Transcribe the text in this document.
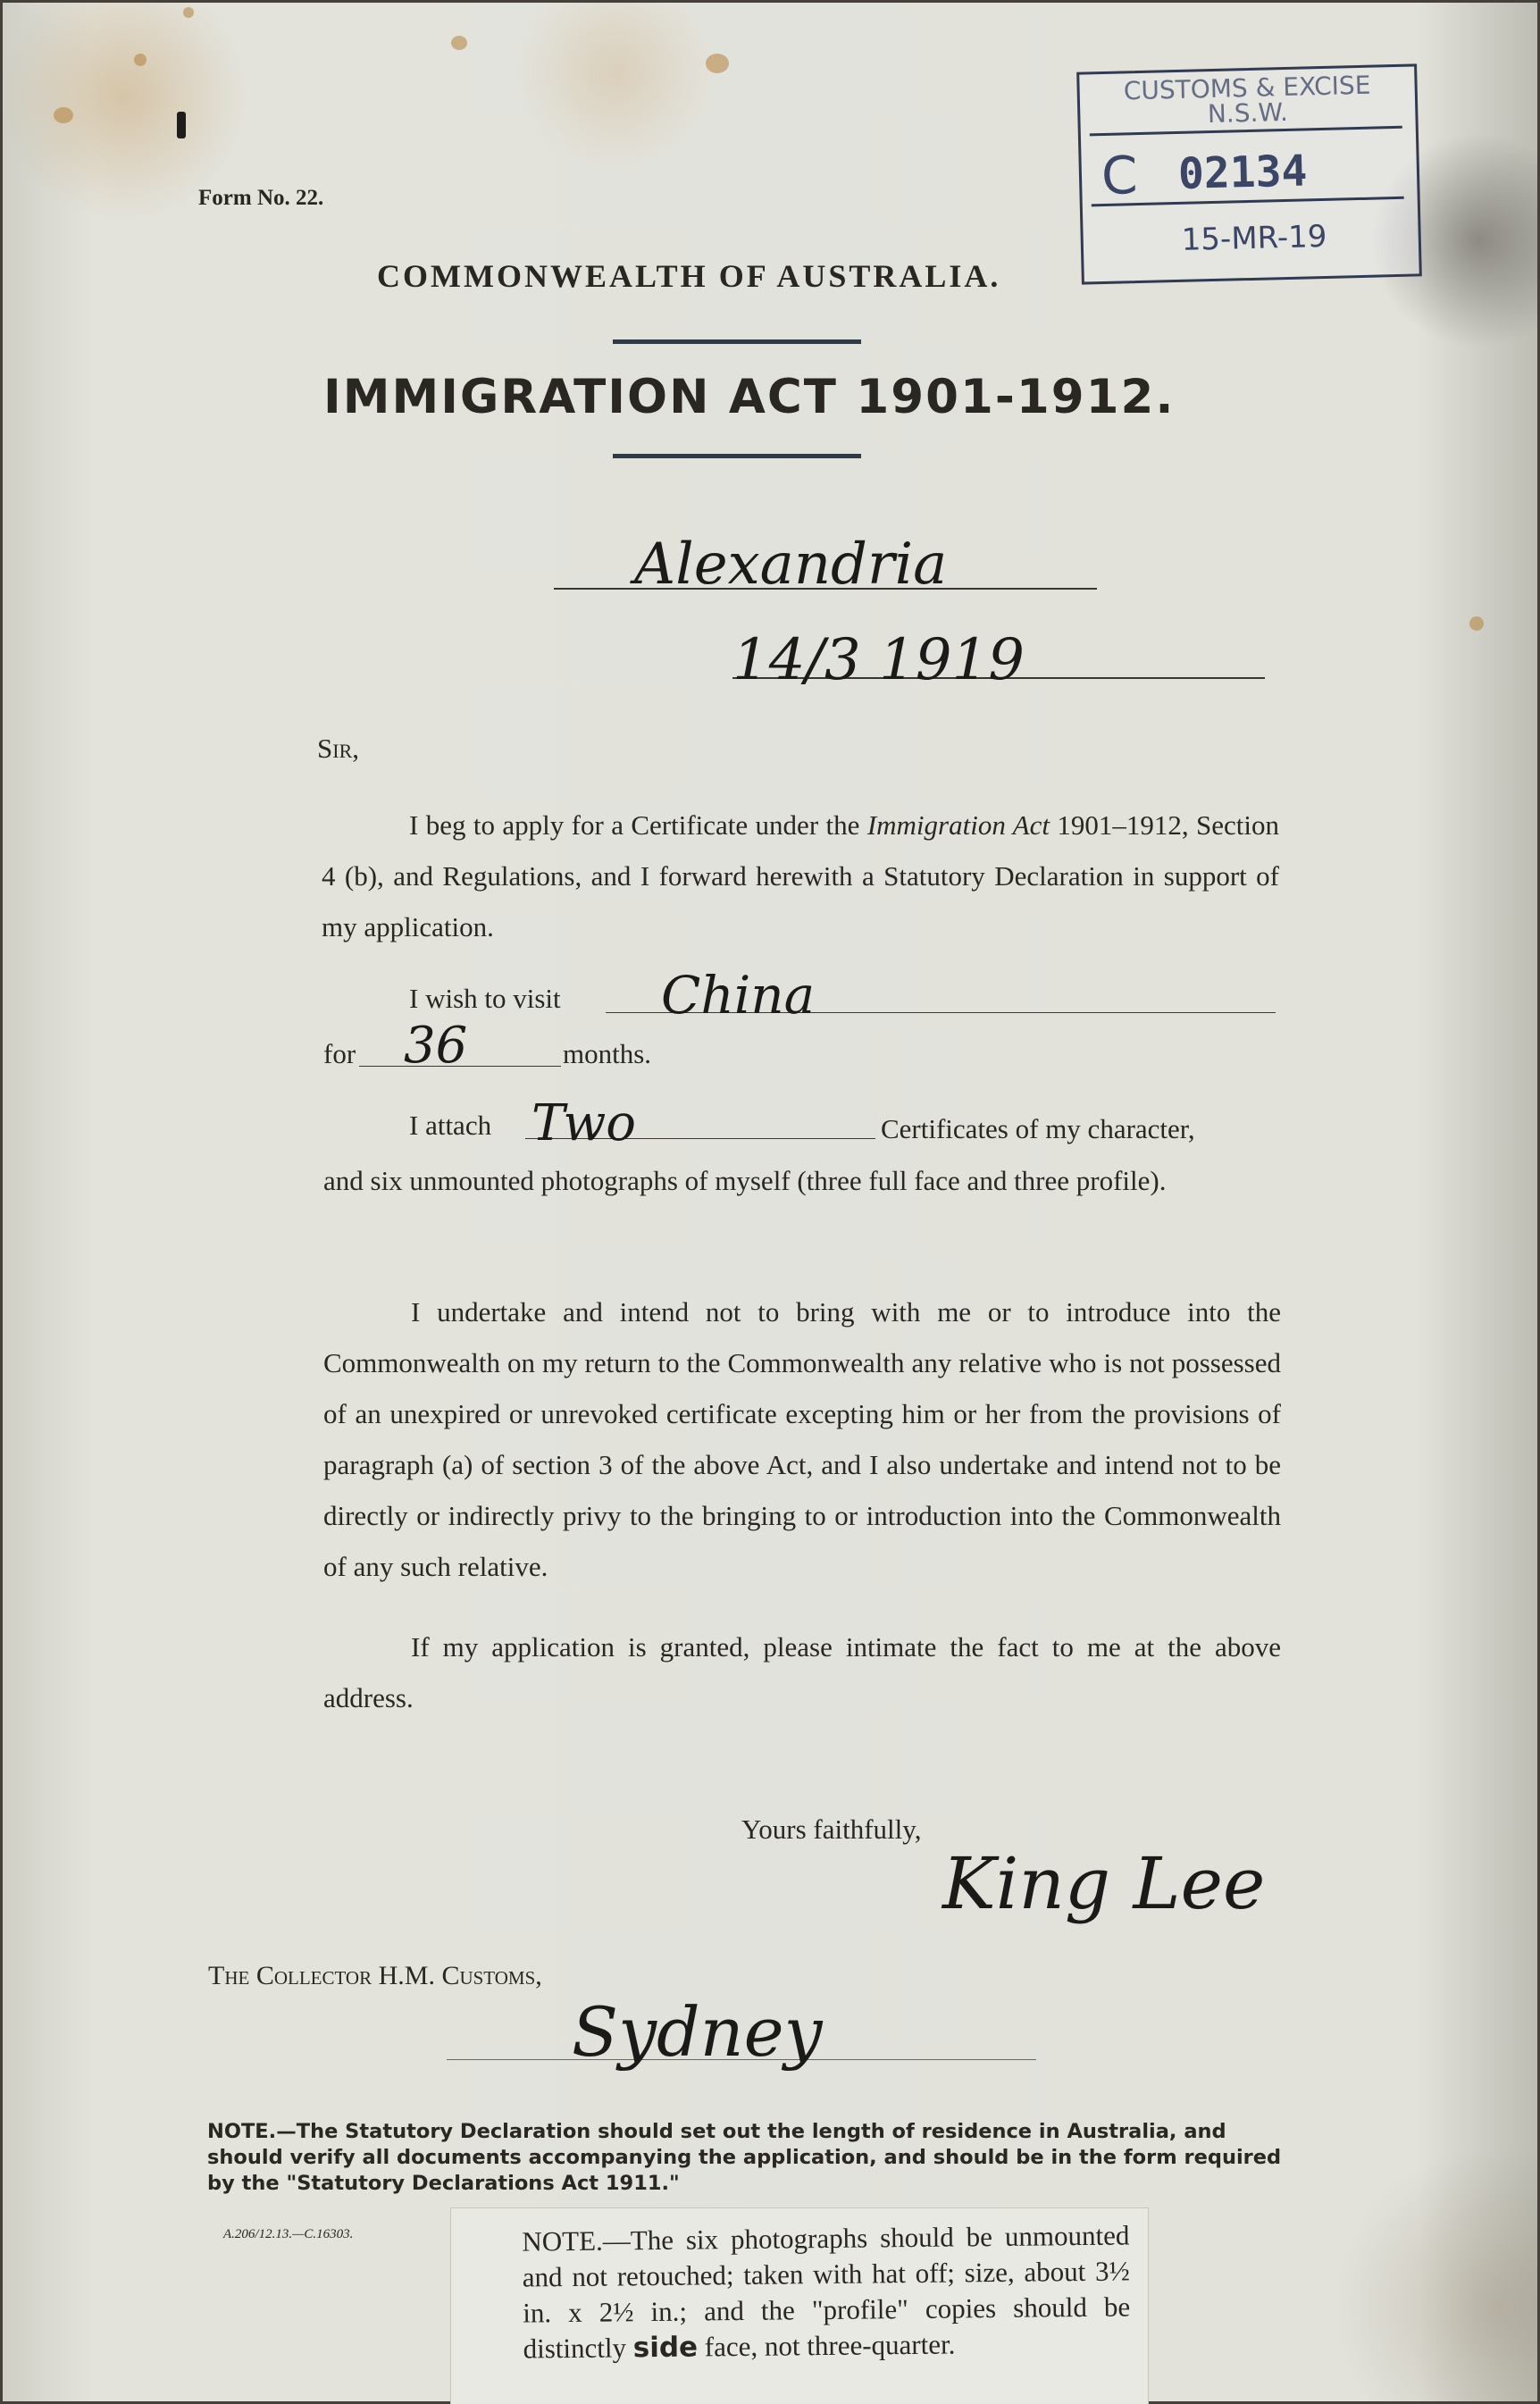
Form No. 22.
COMMONWEALTH OF AUSTRALIA.
IMMIGRATION ACT 1901-1912.
CUSTOMS & EXCISE
N.S.W.
C 02134
15-MR-19
Alexandria
14/3 1919
Sir,
I beg to apply for a Certificate under the Immigration Act 1901–1912, Section 4 (b), and Regulations, and I forward herewith a Statutory Declaration in support of my application.
I wish to visit China
for 36	months.
I attach Two	Certificates of my character,
and six unmounted photographs of myself (three full face and three profile).
I undertake and intend not to bring with me or to introduce into the Commonwealth on my return to the Commonwealth any relative who is not possessed of an unexpired or unrevoked certificate excepting him or her from the provisions of paragraph (a) of section 3 of the above Act, and I also undertake and intend not to be directly or indirectly privy to the bringing to or introduction into the Commonwealth of any such relative.
If my application is granted, please intimate the fact to me at the above address.
Yours faithfully,
King Lee
The Collector H.M. Customs,
Sydney
NOTE.—The Statutory Declaration should set out the length of residence in Australia, and should verify all documents accompanying the application, and should be in the form required by the "Statutory Declarations Act 1911."
A.206/12.13.—C.16303.	NOTE.—The six photographs should be unmounted and not retouched; taken with hat off; size, about 3½ in. x 2½ in.; and the "profile" copies should be distinctly side face, not three-quarter.
